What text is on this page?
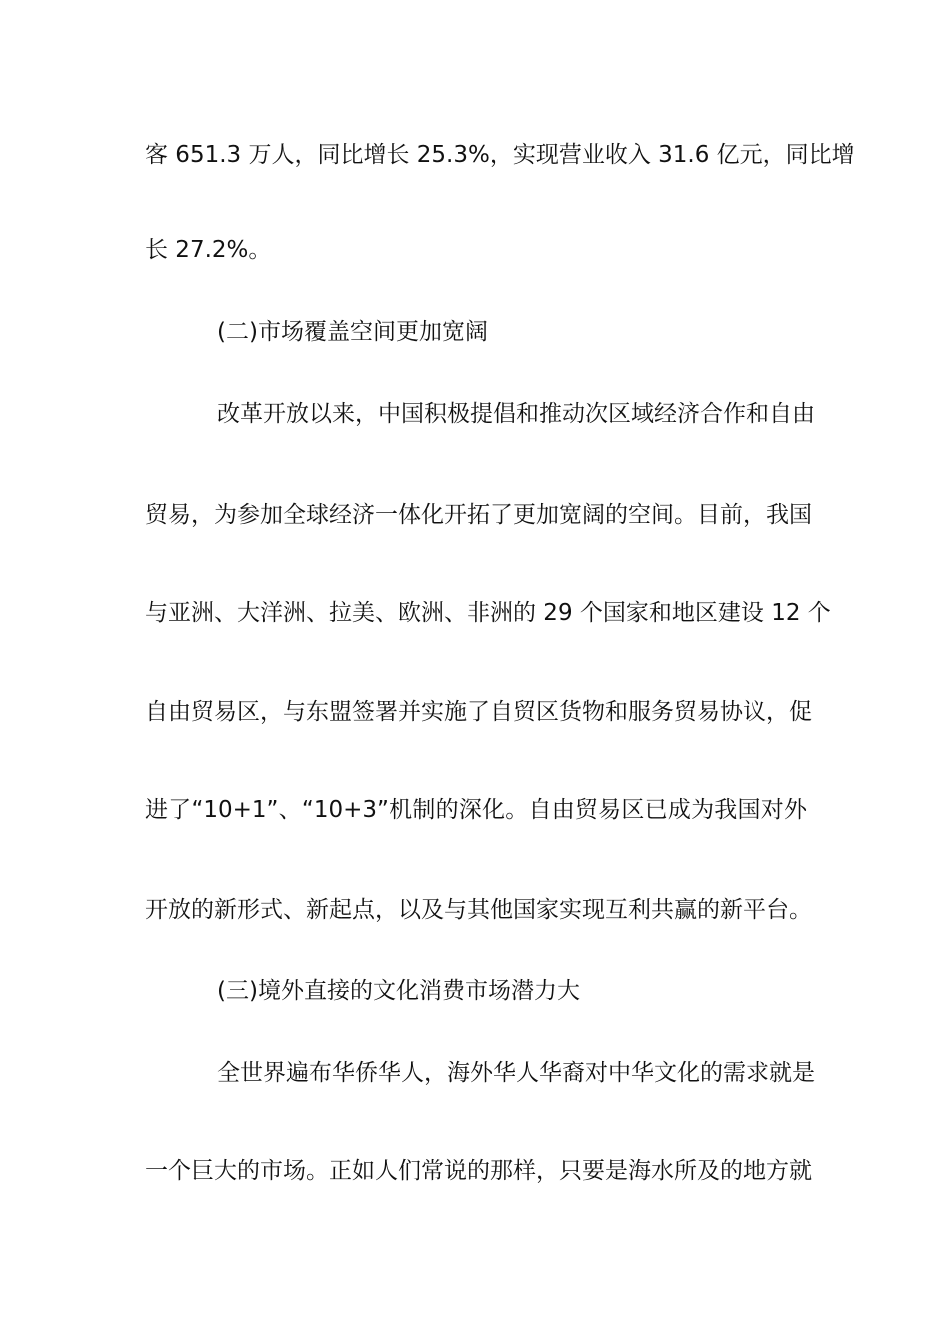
客 651.3 万人，同比增长 25.3%，实现营业收入 31.6 亿元，同比增
长 27.2%。
(二)市场覆盖空间更加宽阔
改革开放以来，中国积极提倡和推动次区域经济合作和自由
贸易，为参加全球经济一体化开拓了更加宽阔的空间。目前，我国
与亚洲、大洋洲、拉美、欧洲、非洲的 29 个国家和地区建设 12 个
自由贸易区，与东盟签署并实施了自贸区货物和服务贸易协议，促
进了“10+1”、“10+3”机制的深化。自由贸易区已成为我国对外
开放的新形式、新起点，以及与其他国家实现互利共赢的新平台。
(三)境外直接的文化消费市场潜力大
全世界遍布华侨华人，海外华人华裔对中华文化的需求就是
一个巨大的市场。正如人们常说的那样，只要是海水所及的地方就
